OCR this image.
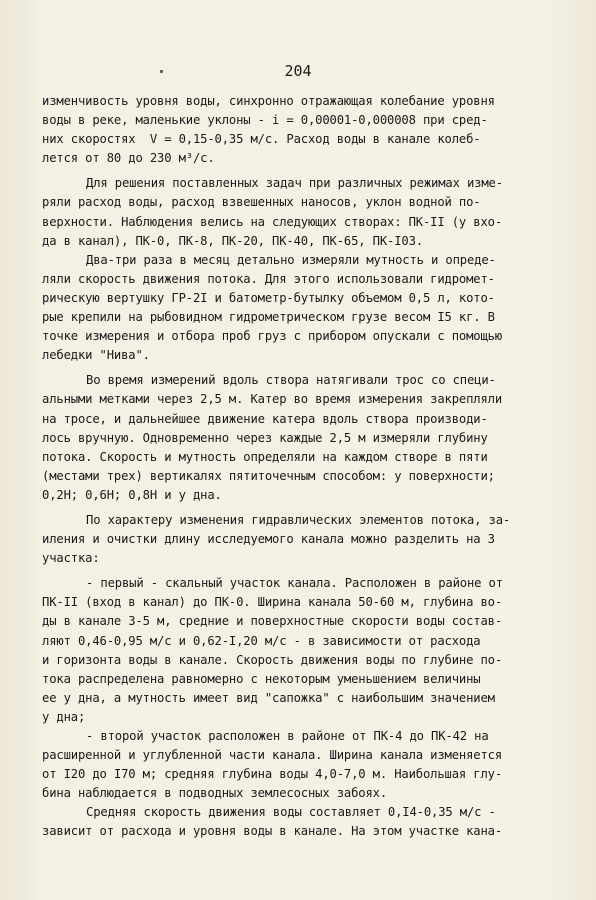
204
изменчивость уровня воды, синхронно отражающая колебание уровня
воды в реке, маленькие уклоны - i = 0,00001-0,000008 при сред-
них скоростях  V = 0,15-0,35 м/с. Расход воды в канале колеб-
лется от 80 до 230 м³/с.
Для решения поставленных задач при различных режимах изме-
ряли расход воды, расход взвешенных наносов, уклон водной по-
верхности. Наблюдения велись на следующих створах: ПК-II (у вхо-
да в канал), ПК-0, ПК-8, ПК-20, ПК-40, ПК-65, ПК-I03.
Два-три раза в месяц детально измеряли мутность и опреде-
ляли скорость движения потока. Для этого использовали гидромет-
рическую вертушку ГР-2I и батометр-бутылку объемом 0,5 л, кото-
рые крепили на рыбовидном гидрометрическом грузе весом I5 кг. В
точке измерения и отбора проб груз с прибором опускали с помощью
лебедки "Нива".
Во время измерений вдоль створа натягивали трос со специ-
альными метками через 2,5 м. Катер во время измерения закрепляли
на тросе, и дальнейшее движение катера вдоль створа производи-
лось вручную. Одновременно через каждые 2,5 м измеряли глубину
потока. Скорость и мутность определяли на каждом створе в пяти
(местами трех) вертикалях пятиточечным способом: у поверхности;
0,2Н; 0,6Н; 0,8Н и у дна.
По характеру изменения гидравлических элементов потока, за-
иления и очистки длину исследуемого канала можно разделить на 3
участка:
- первый - скальный участок канала. Расположен в районе от
ПК-II (вход в канал) до ПК-0. Ширина канала 50-60 м, глубина во-
ды в канале 3-5 м, средние и поверхностные скорости воды состав-
ляют 0,46-0,95 м/с и 0,62-I,20 м/с - в зависимости от расхода
и горизонта воды в канале. Скорость движения воды по глубине по-
тока распределена равномерно с некоторым уменьшением величины
ее у дна, а мутность имеет вид "сапожка" с наибольшим значением
у дна;
- второй участок расположен в районе от ПК-4 до ПК-42 на
расширенной и углубленной части канала. Ширина канала изменяется
от I20 до I70 м; средняя глубина воды 4,0-7,0 м. Наибольшая глу-
бина наблюдается в подводных землесосных забоях.
Средняя скорость движения воды составляет 0,I4-0,35 м/с -
зависит от расхода и уровня воды в канале. На этом участке кана-
